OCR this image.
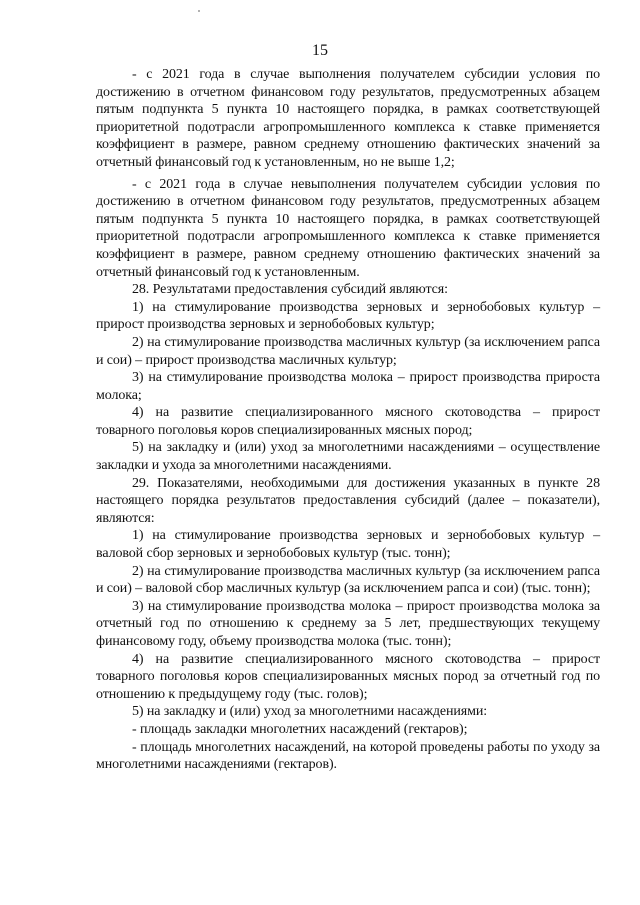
15

- с 2021 года в случае выполнения получателем субсидии условия по достижению в отчетном финансовом году результатов, предусмотренных абзацем пятым подпункта 5 пункта 10 настоящего порядка, в рамках соответствующей приоритетной подотрасли агропромышленного комплекса к ставке применяется коэффициент в размере, равном среднему отношению фактических значений за отчетный финансовый год к установленным, но не выше 1,2;

- с 2021 года в случае невыполнения получателем субсидии условия по достижению в отчетном финансовом году результатов, предусмотренных абзацем пятым подпункта 5 пункта 10 настоящего порядка, в рамках соответствующей приоритетной подотрасли агропромышленного комплекса к ставке применяется коэффициент в размере, равном среднему отношению фактических значений за отчетный финансовый год к установленным.

28. Результатами предоставления субсидий являются:

1) на стимулирование производства зерновых и зернобобовых культур – прирост производства зерновых и зернобобовых культур;

2) на стимулирование производства масличных культур (за исключением рапса и сои) – прирост производства масличных культур;

3) на стимулирование производства молока – прирост производства прироста молока;

4) на развитие специализированного мясного скотоводства – прирост товарного поголовья коров специализированных мясных пород;

5) на закладку и (или) уход за многолетними насаждениями – осуществление закладки и ухода за многолетними насаждениями.

29. Показателями, необходимыми для достижения указанных в пункте 28 настоящего порядка результатов предоставления субсидий (далее – показатели), являются:

1) на стимулирование производства зерновых и зернобобовых культур – валовой сбор зерновых и зернобобовых культур (тыс. тонн);

2) на стимулирование производства масличных культур (за исключением рапса и сои) – валовой сбор масличных культур (за исключением рапса и сои) (тыс. тонн);

3) на стимулирование производства молока – прирост производства молока за отчетный год по отношению к среднему за 5 лет, предшествующих текущему финансовому году, объему производства молока (тыс. тонн);

4) на развитие специализированного мясного скотоводства – прирост товарного поголовья коров специализированных мясных пород за отчетный год по отношению к предыдущему году (тыс. голов);

5) на закладку и (или) уход за многолетними насаждениями:

- площадь закладки многолетних насаждений (гектаров);

- площадь многолетних насаждений, на которой проведены работы по уходу за многолетними насаждениями (гектаров).
